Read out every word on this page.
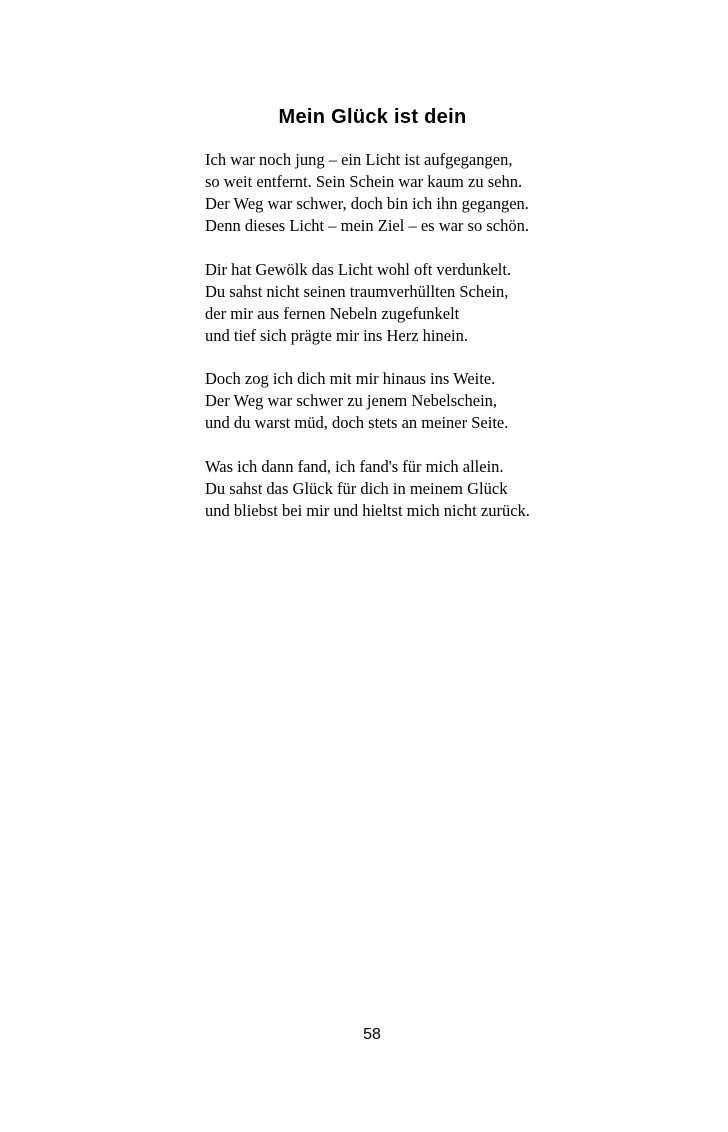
Mein Glück ist dein
Ich war noch jung – ein Licht ist aufgegangen,
so weit entfernt. Sein Schein war kaum zu sehn.
Der Weg war schwer, doch bin ich ihn gegangen.
Denn dieses Licht – mein Ziel – es war so schön.
Dir hat Gewölk das Licht wohl oft verdunkelt.
Du sahst nicht seinen traumverhüllten Schein,
der mir aus fernen Nebeln zugefunkelt
und tief sich prägte mir ins Herz hinein.
Doch zog ich dich mit mir hinaus ins Weite.
Der Weg war schwer zu jenem Nebelschein,
und du warst müd, doch stets an meiner Seite.
Was ich dann fand, ich fand's für mich allein.
Du sahst das Glück für dich in meinem Glück
und bliebst bei mir und hieltst mich nicht zurück.
58
